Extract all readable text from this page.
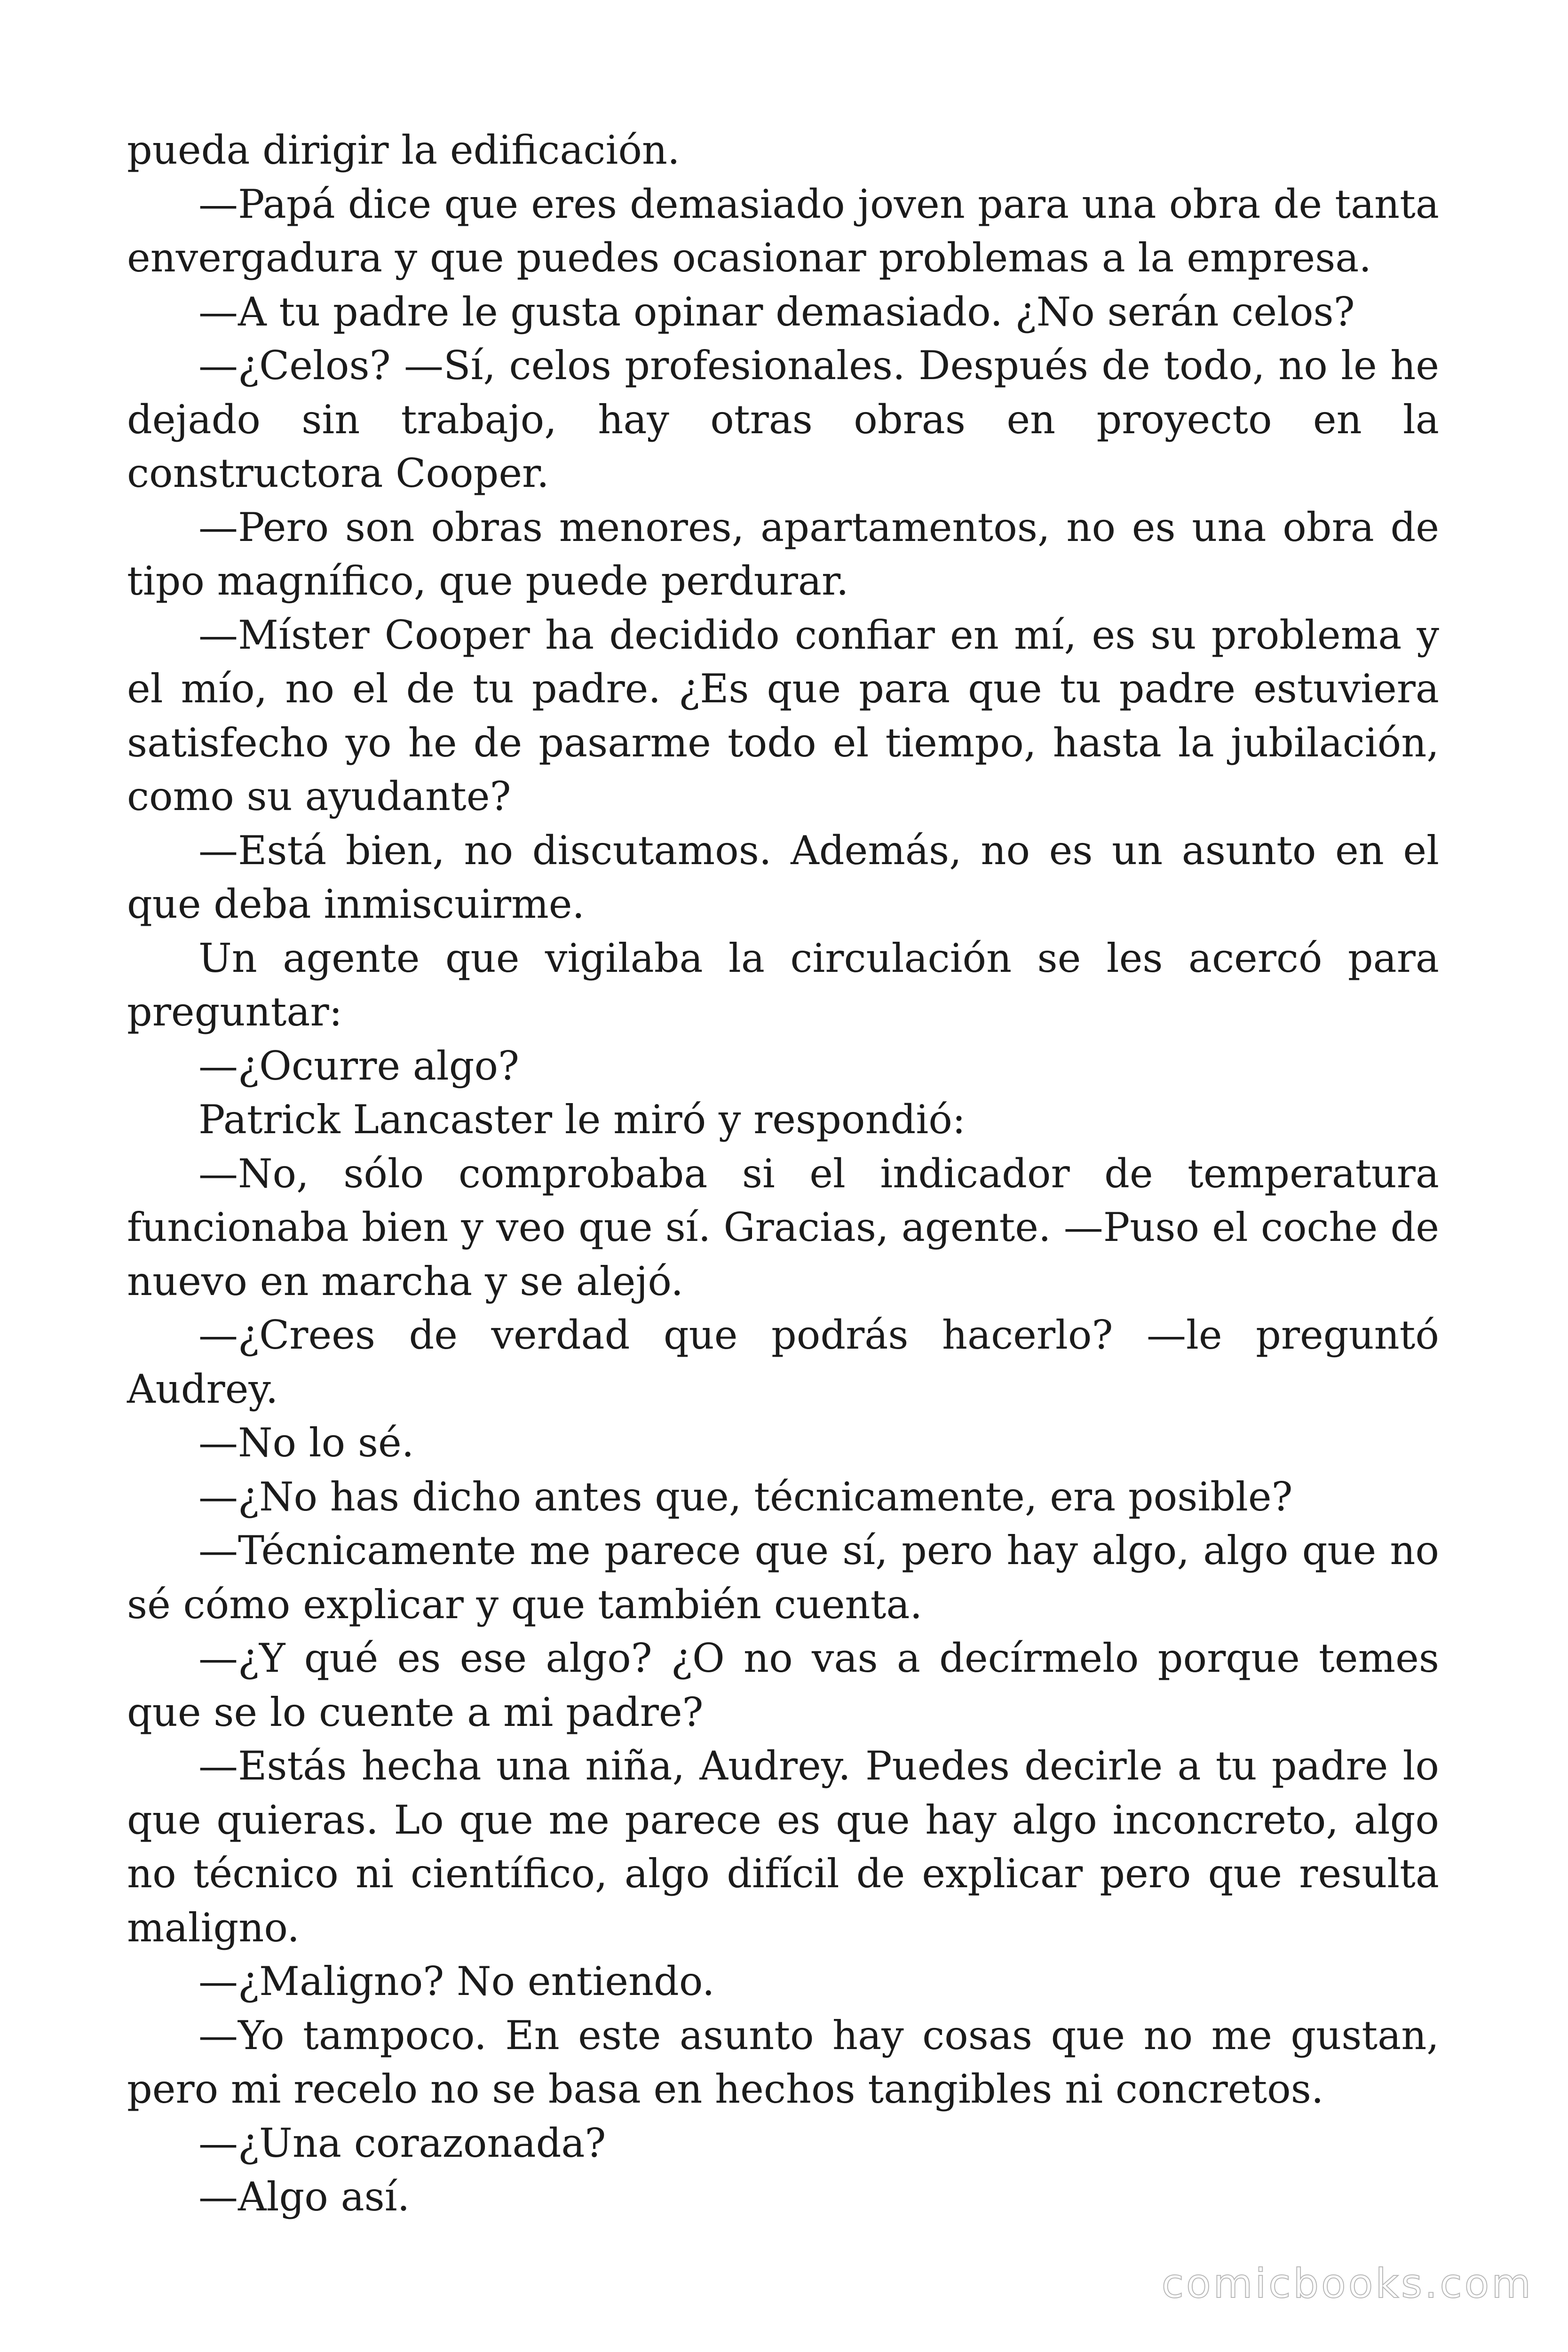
pueda dirigir la edificación.

—Papá dice que eres demasiado joven para una obra de tanta envergadura y que puedes ocasionar problemas a la empresa.

—A tu padre le gusta opinar demasiado. ¿No serán celos?

—¿Celos? —Sí, celos profesionales. Después de todo, no le he dejado sin trabajo, hay otras obras en proyecto en la constructora Cooper.

—Pero son obras menores, apartamentos, no es una obra de tipo magnífico, que puede perdurar.

—Míster Cooper ha decidido confiar en mí, es su problema y el mío, no el de tu padre. ¿Es que para que tu padre estuviera satisfecho yo he de pasarme todo el tiempo, hasta la jubilación, como su ayudante?

—Está bien, no discutamos. Además, no es un asunto en el que deba inmiscuirme.

Un agente que vigilaba la circulación se les acercó para preguntar:

—¿Ocurre algo?

Patrick Lancaster le miró y respondió:

—No, sólo comprobaba si el indicador de temperatura funcionaba bien y veo que sí. Gracias, agente. —Puso el coche de nuevo en marcha y se alejó.

—¿Crees de verdad que podrás hacerlo? —le preguntó Audrey.

—No lo sé.

—¿No has dicho antes que, técnicamente, era posible?

—Técnicamente me parece que sí, pero hay algo, algo que no sé cómo explicar y que también cuenta.

—¿Y qué es ese algo? ¿O no vas a decírmelo porque temes que se lo cuente a mi padre?

—Estás hecha una niña, Audrey. Puedes decirle a tu padre lo que quieras. Lo que me parece es que hay algo inconcreto, algo no técnico ni científico, algo difícil de explicar pero que resulta maligno.

—¿Maligno? No entiendo.

—Yo tampoco. En este asunto hay cosas que no me gustan, pero mi recelo no se basa en hechos tangibles ni concretos.

—¿Una corazonada?

—Algo así.

comicbooks.com
